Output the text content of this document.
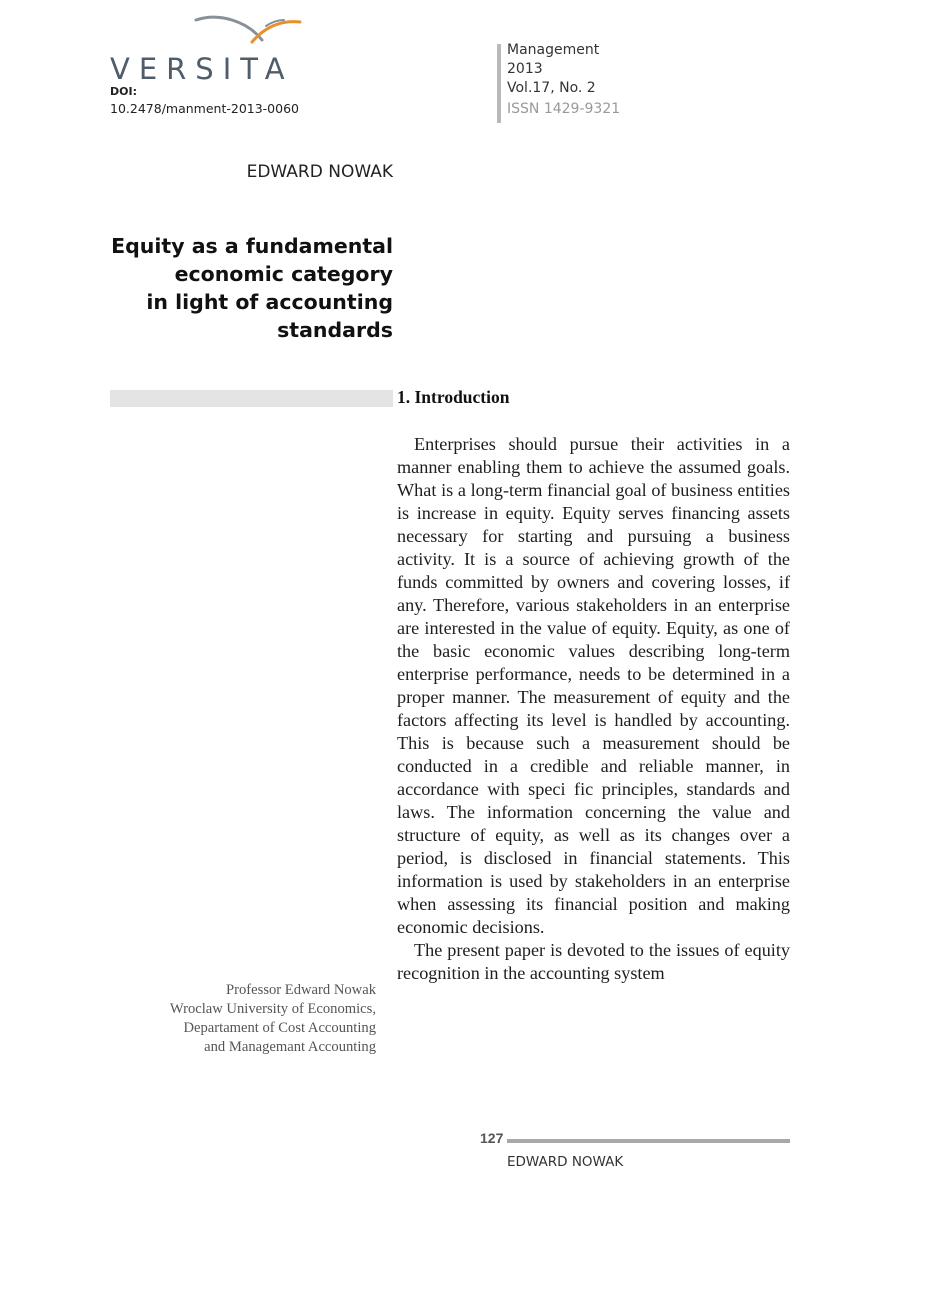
VERSITA
DOI:
10.2478/manment-2013-0060
Management
2013
Vol.17, No. 2
ISSN 1429-9321
EDWARD NOWAK
Equity as a fundamental
economic category
in light of accounting
standards
1. Introduction

Enterprises should pursue their activities in a manner enabling them to achieve the assumed goals. What is a long-term financial goal of business entities is increase in equity. Equity serves financing assets necessary for starting and pursuing a business activity. It is a source of achieving growth of the funds committed by owners and covering losses, if any. Therefore, various stakeholders in an enterprise are interested in the value of equity. Equity, as one of the basic economic values describing long-term enterprise performance, needs to be determined in a proper manner. The measurement of equity and the factors affecting its level is handled by accounting. This is because such a measurement should be conducted in a credible and reliable manner, in accordance with speci fic principles, standards and laws. The information concerning the value and structure of equity, as well as its changes over a period, is disclosed in financial statements. This information is used by stakeholders in an enterprise when assessing its financial position and making economic decisions.

The present paper is devoted to the issues of equity recognition in the accounting system

Professor Edward Nowak
Wroclaw University of Economics,
Departament of Cost Accounting
and Managemant Accounting
127
EDWARD NOWAK
